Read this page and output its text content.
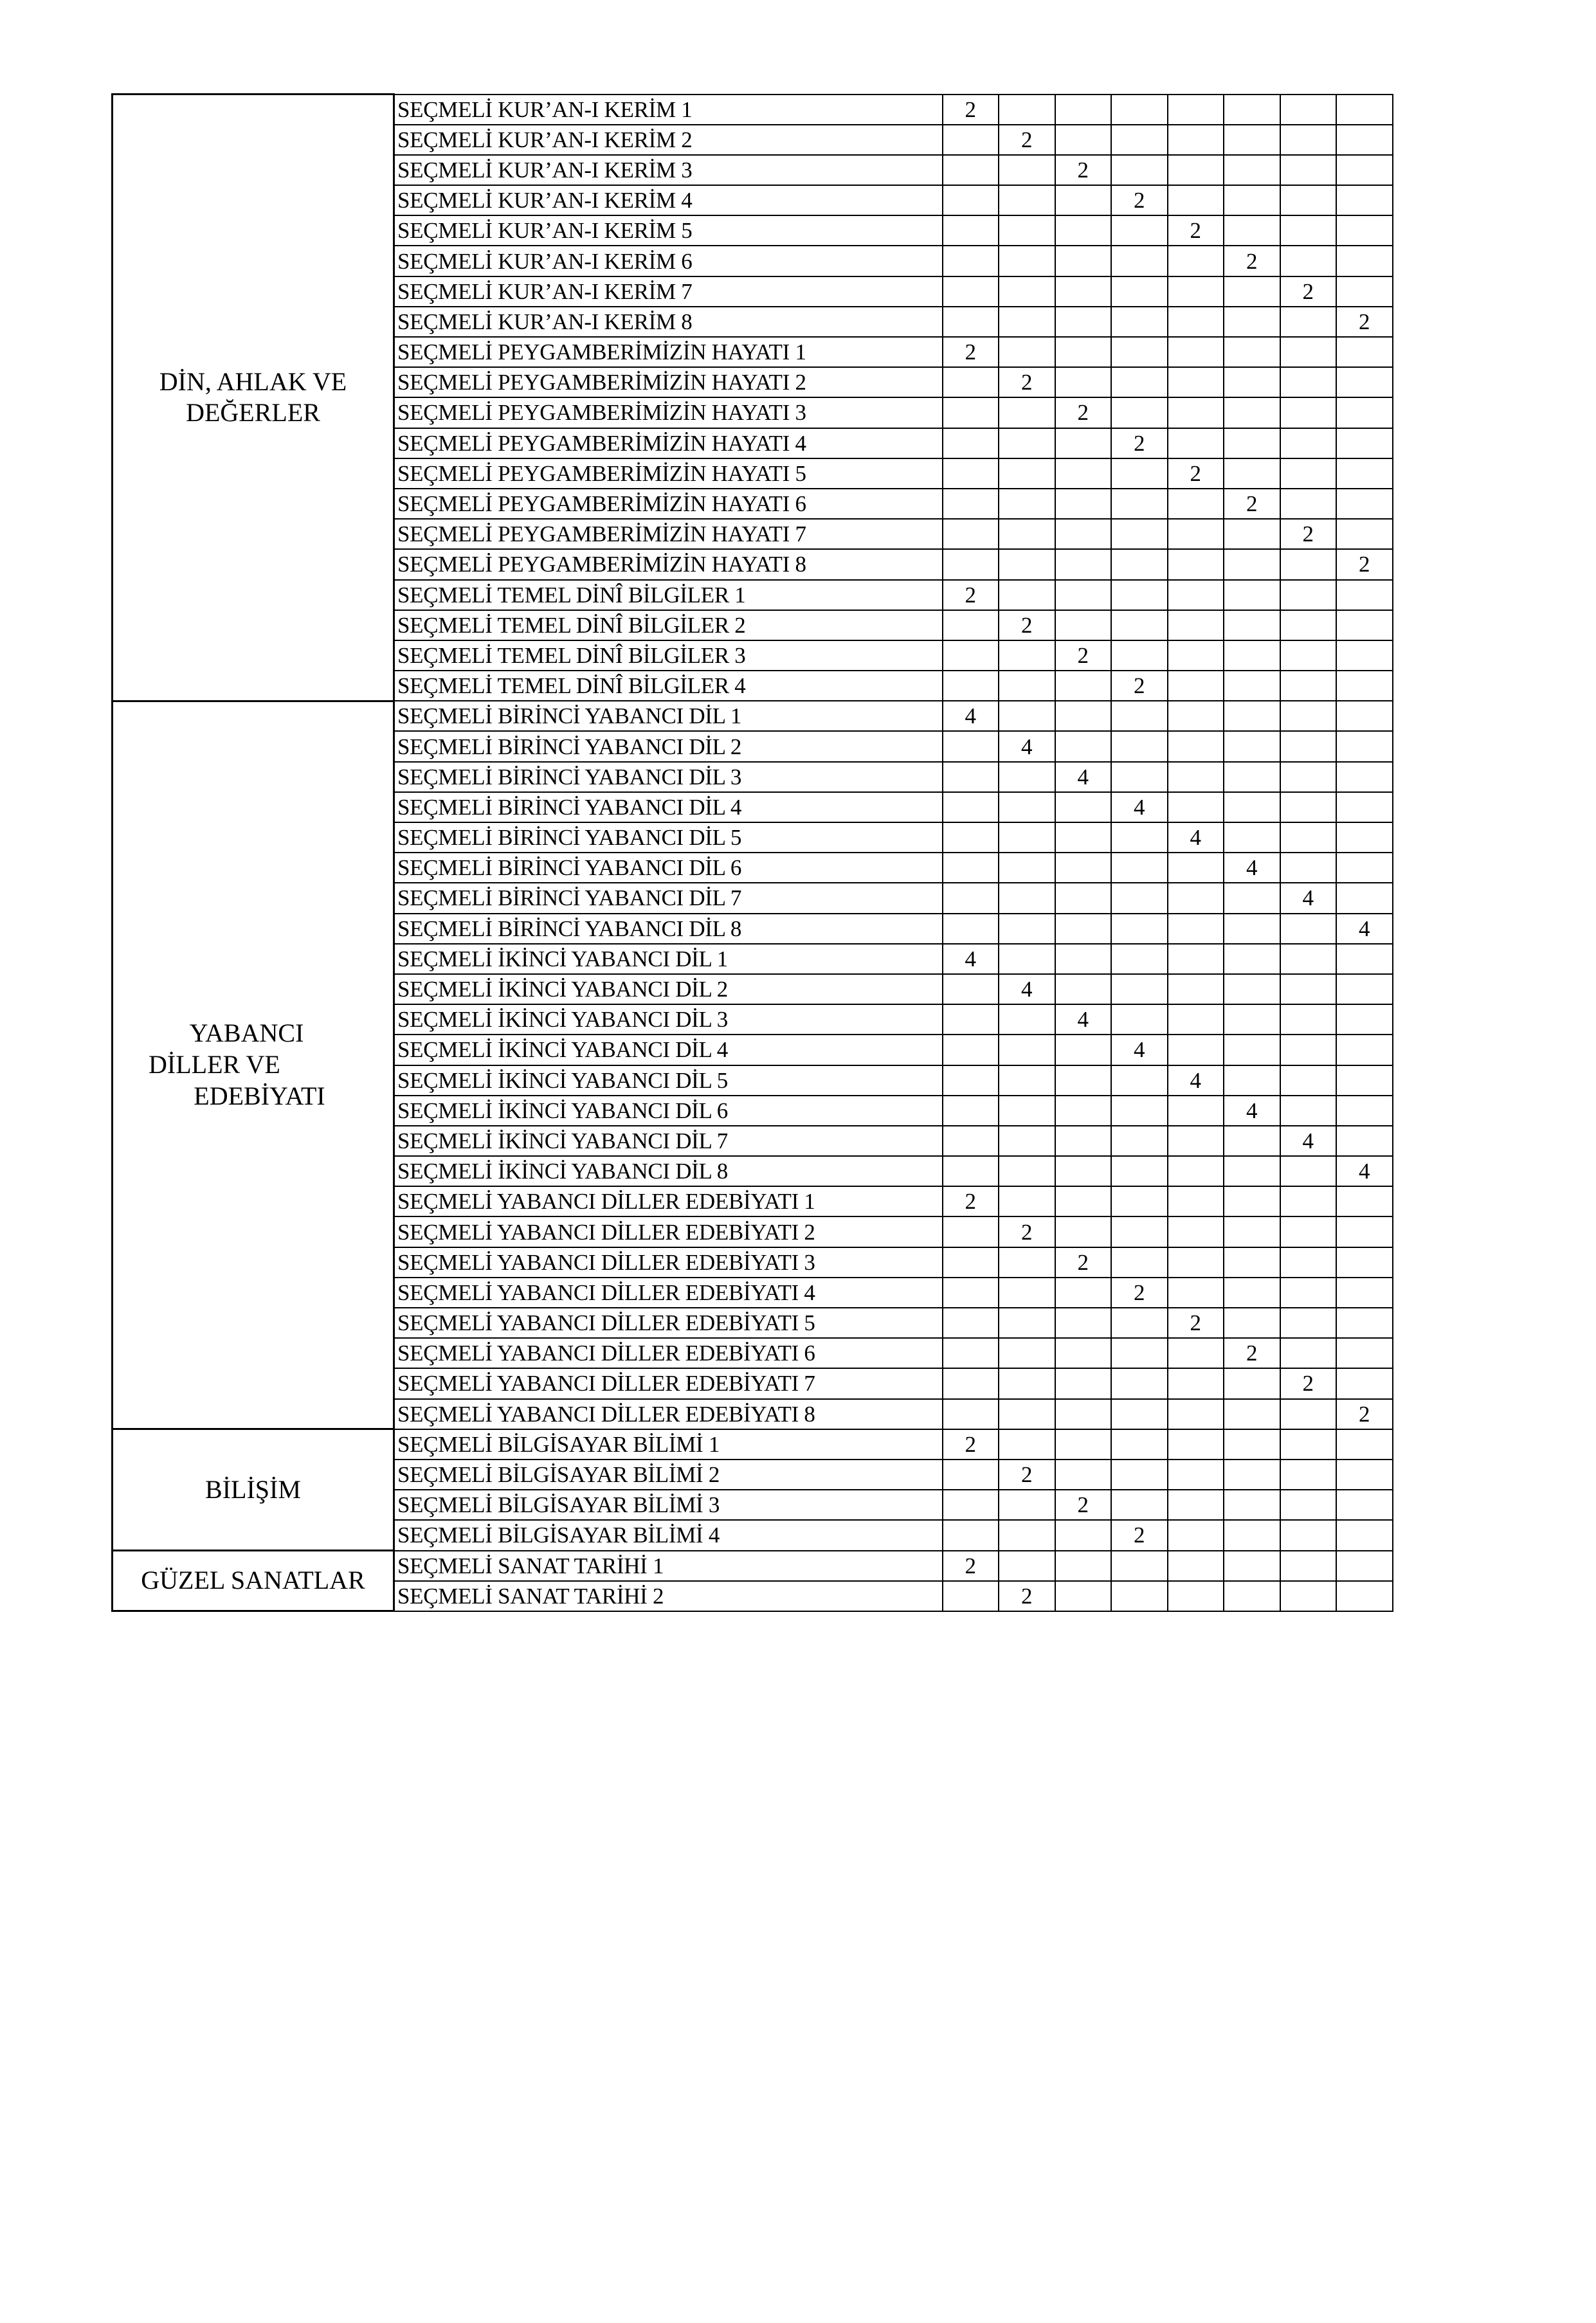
DİN, AHLAK VE
DEĞERLER	SEÇMELİ KUR’AN-I KERİM 1	2							
	SEÇMELİ KUR’AN-I KERİM 2		2						
	SEÇMELİ KUR’AN-I KERİM 3			2					
	SEÇMELİ KUR’AN-I KERİM 4				2				
	SEÇMELİ KUR’AN-I KERİM 5					2			
	SEÇMELİ KUR’AN-I KERİM 6						2		
	SEÇMELİ KUR’AN-I KERİM 7							2	
	SEÇMELİ KUR’AN-I KERİM 8								2
	SEÇMELİ PEYGAMBERİMİZİN HAYATI 1	2							
	SEÇMELİ PEYGAMBERİMİZİN HAYATI 2		2						
	SEÇMELİ PEYGAMBERİMİZİN HAYATI 3			2					
	SEÇMELİ PEYGAMBERİMİZİN HAYATI 4				2				
	SEÇMELİ PEYGAMBERİMİZİN HAYATI 5					2			
	SEÇMELİ PEYGAMBERİMİZİN HAYATI 6						2		
	SEÇMELİ PEYGAMBERİMİZİN HAYATI 7							2	
	SEÇMELİ PEYGAMBERİMİZİN HAYATI 8								2
	SEÇMELİ TEMEL DİNÎ BİLGİLER 1	2							
	SEÇMELİ TEMEL DİNÎ BİLGİLER 2		2						
	SEÇMELİ TEMEL DİNÎ BİLGİLER 3			2					
	SEÇMELİ TEMEL DİNÎ BİLGİLER 4				2				

YABANCI
DİLLER VE
EDEBİYATI	SEÇMELİ BİRİNCİ YABANCI DİL 1	4							
	SEÇMELİ BİRİNCİ YABANCI DİL 2		4						
	SEÇMELİ BİRİNCİ YABANCI DİL 3			4					
	SEÇMELİ BİRİNCİ YABANCI DİL 4				4				
	SEÇMELİ BİRİNCİ YABANCI DİL 5					4			
	SEÇMELİ BİRİNCİ YABANCI DİL 6						4		
	SEÇMELİ BİRİNCİ YABANCI DİL 7							4	
	SEÇMELİ BİRİNCİ YABANCI DİL 8								4
	SEÇMELİ İKİNCİ YABANCI DİL 1	4							
	SEÇMELİ İKİNCİ YABANCI DİL 2		4						
	SEÇMELİ İKİNCİ YABANCI DİL 3			4					
	SEÇMELİ İKİNCİ YABANCI DİL 4				4				
	SEÇMELİ İKİNCİ YABANCI DİL 5					4			
	SEÇMELİ İKİNCİ YABANCI DİL 6						4		
	SEÇMELİ İKİNCİ YABANCI DİL 7							4	
	SEÇMELİ İKİNCİ YABANCI DİL 8								4
	SEÇMELİ YABANCI DİLLER EDEBİYATI 1	2							
	SEÇMELİ YABANCI DİLLER EDEBİYATI 2		2						
	SEÇMELİ YABANCI DİLLER EDEBİYATI 3			2					
	SEÇMELİ YABANCI DİLLER EDEBİYATI 4				2				
	SEÇMELİ YABANCI DİLLER EDEBİYATI 5					2			
	SEÇMELİ YABANCI DİLLER EDEBİYATI 6						2		
	SEÇMELİ YABANCI DİLLER EDEBİYATI 7							2	
	SEÇMELİ YABANCI DİLLER EDEBİYATI 8								2

BİLİŞİM	SEÇMELİ BİLGİSAYAR BİLİMİ 1	2							
	SEÇMELİ BİLGİSAYAR BİLİMİ 2		2						
	SEÇMELİ BİLGİSAYAR BİLİMİ 3			2					
	SEÇMELİ BİLGİSAYAR BİLİMİ 4				2				

GÜZEL SANATLAR	SEÇMELİ SANAT TARİHİ 1	2							
	SEÇMELİ SANAT TARİHİ 2		2						
